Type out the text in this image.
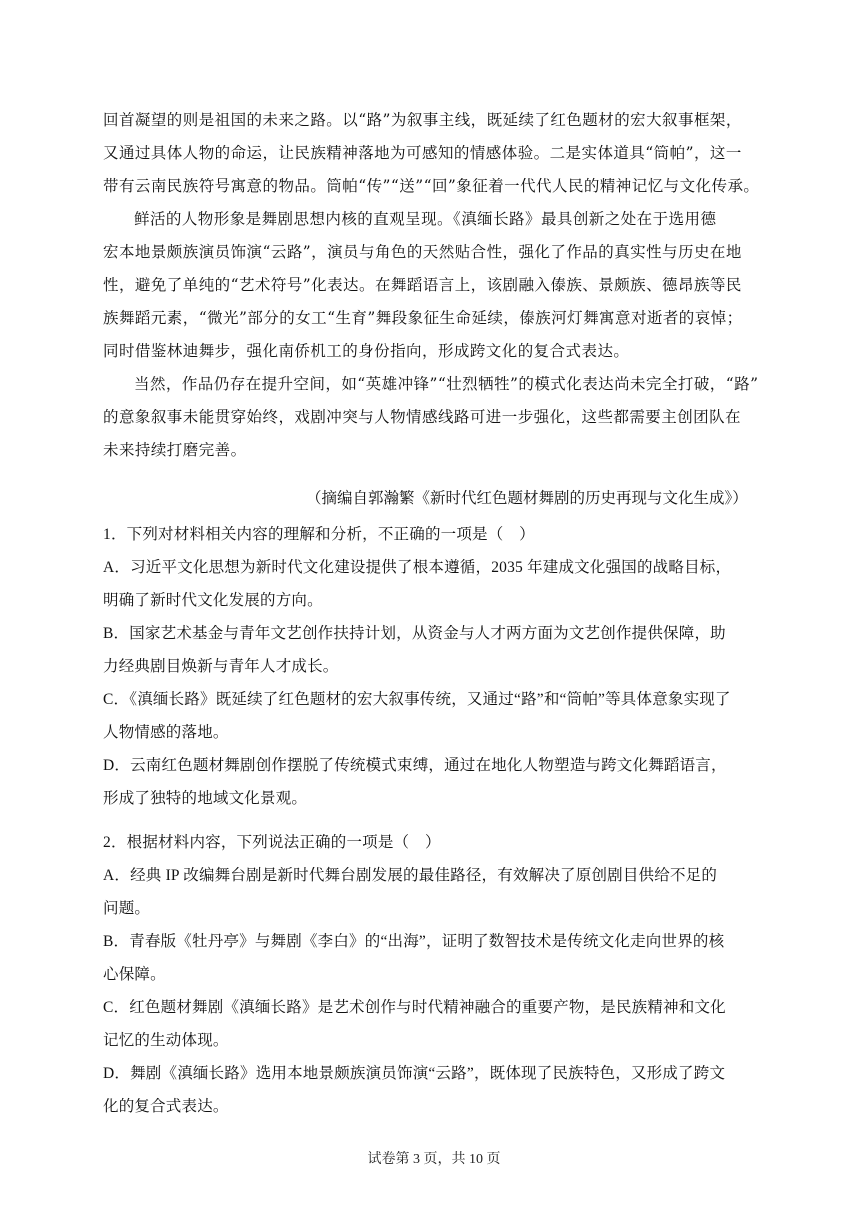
回首凝望的则是祖国的未来之路。以“路”为叙事主线，既延续了红色题材的宏大叙事框架，
又通过具体人物的命运，让民族精神落地为可感知的情感体验。二是实体道具“筒帕”，这一
带有云南民族符号寓意的物品。筒帕“传”“送”“回”象征着一代代人民的精神记忆与文化传承。
鲜活的人物形象是舞剧思想内核的直观呈现。《滇缅长路》最具创新之处在于选用德
宏本地景颇族演员饰演“云路”，演员与角色的天然贴合性，强化了作品的真实性与历史在地
性，避免了单纯的“艺术符号”化表达。在舞蹈语言上，该剧融入傣族、景颇族、德昂族等民
族舞蹈元素，“微光”部分的女工“生育”舞段象征生命延续，傣族河灯舞寓意对逝者的哀悼；
同时借鉴林迪舞步，强化南侨机工的身份指向，形成跨文化的复合式表达。
当然，作品仍存在提升空间，如“英雄冲锋”“壮烈牺牲”的模式化表达尚未完全打破，“路”
的意象叙事未能贯穿始终，戏剧冲突与人物情感线路可进一步强化，这些都需要主创团队在
未来持续打磨完善。
（摘编自郭瀚繁《新时代红色题材舞剧的历史再现与文化生成》）
1．下列对材料相关内容的理解和分析，不正确的一项是（　）
A．习近平文化思想为新时代文化建设提供了根本遵循，2035 年建成文化强国的战略目标，
明确了新时代文化发展的方向。
B．国家艺术基金与青年文艺创作扶持计划，从资金与人才两方面为文艺创作提供保障，助
力经典剧目焕新与青年人才成长。
C．《滇缅长路》既延续了红色题材的宏大叙事传统，又通过“路”和“筒帕”等具体意象实现了
人物情感的落地。
D．云南红色题材舞剧创作摆脱了传统模式束缚，通过在地化人物塑造与跨文化舞蹈语言，
形成了独特的地域文化景观。
2．根据材料内容，下列说法正确的一项是（　）
A．经典 IP 改编舞台剧是新时代舞台剧发展的最佳路径，有效解决了原创剧目供给不足的
问题。
B．青春版《牡丹亭》与舞剧《李白》的“出海”，证明了数智技术是传统文化走向世界的核
心保障。
C．红色题材舞剧《滇缅长路》是艺术创作与时代精神融合的重要产物，是民族精神和文化
记忆的生动体现。
D．舞剧《滇缅长路》选用本地景颇族演员饰演“云路”，既体现了民族特色，又形成了跨文
化的复合式表达。
试卷第 3 页，共 10 页
